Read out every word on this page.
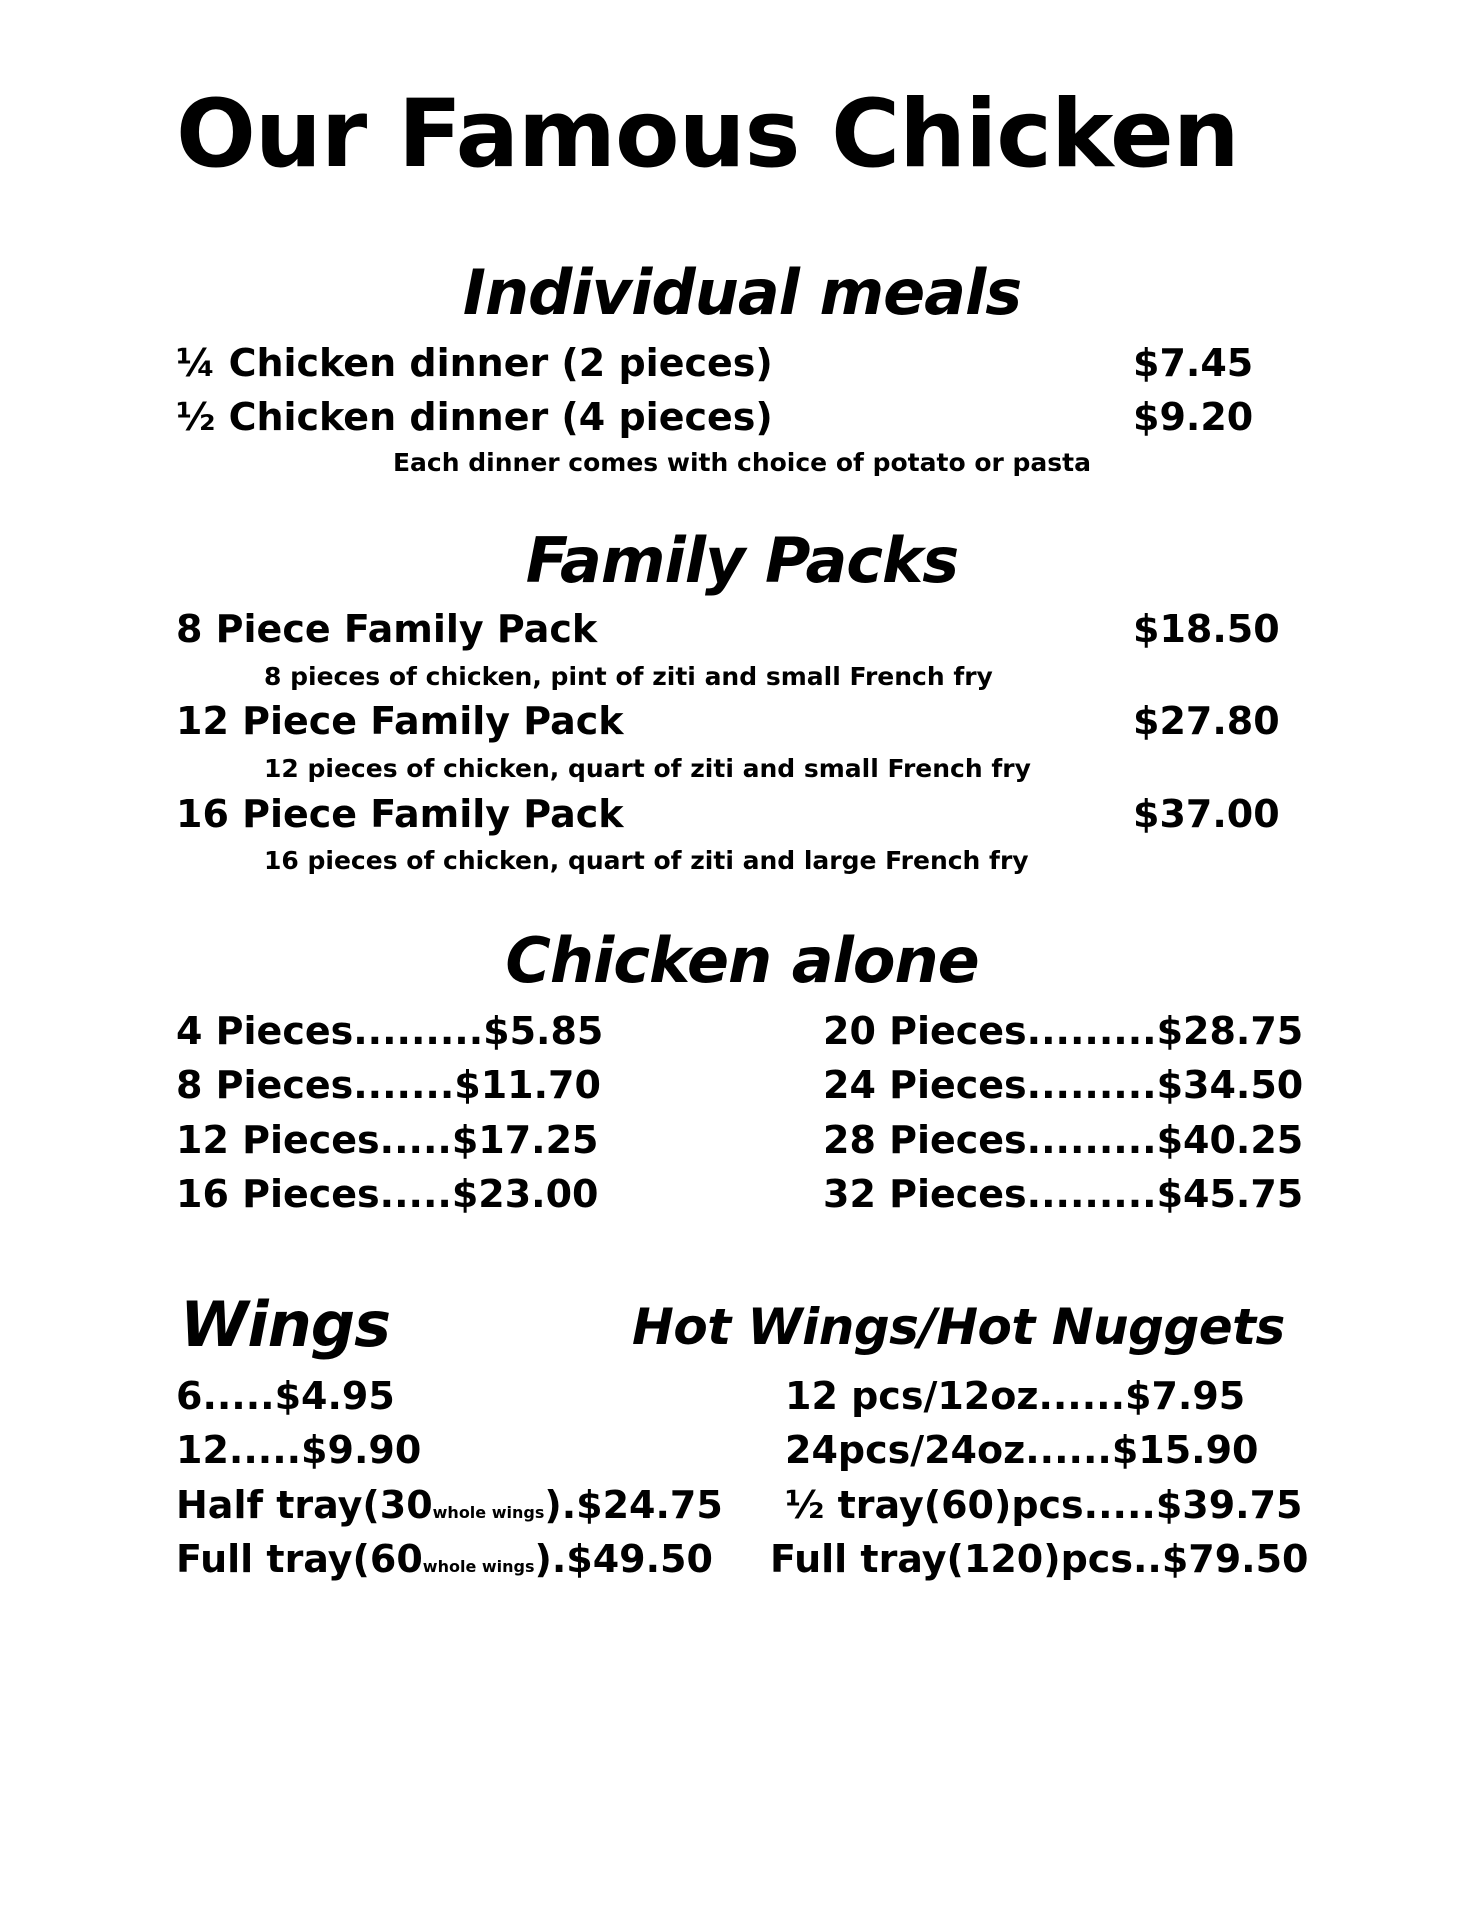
Our Famous Chicken
Individual meals
¼ Chicken dinner (2 pieces)	$7.45
½ Chicken dinner (4 pieces)	$9.20
Each dinner comes with choice of potato or pasta
Family Packs
8 Piece Family Pack	$18.50
8 pieces of chicken, pint of ziti and small French fry
12 Piece Family Pack	$27.80
12 pieces of chicken, quart of ziti and small French fry
16 Piece Family Pack	$37.00
16 pieces of chicken, quart of ziti and large French fry
Chicken alone
4 Pieces.........$5.85
8 Pieces.......$11.70
12 Pieces.....$17.25
16 Pieces.....$23.00
20 Pieces.........$28.75
24 Pieces.........$34.50
28 Pieces.........$40.25
32 Pieces.........$45.75
Wings
6.....$4.95
12.....$9.90
Half tray(30whole wings).$24.75
Full tray(60whole wings).$49.50
Hot Wings/Hot Nuggets
12 pcs/12oz......$7.95
24pcs/24oz......$15.90
½ tray(60)pcs.....$39.75
Full tray(120)pcs..$79.50
